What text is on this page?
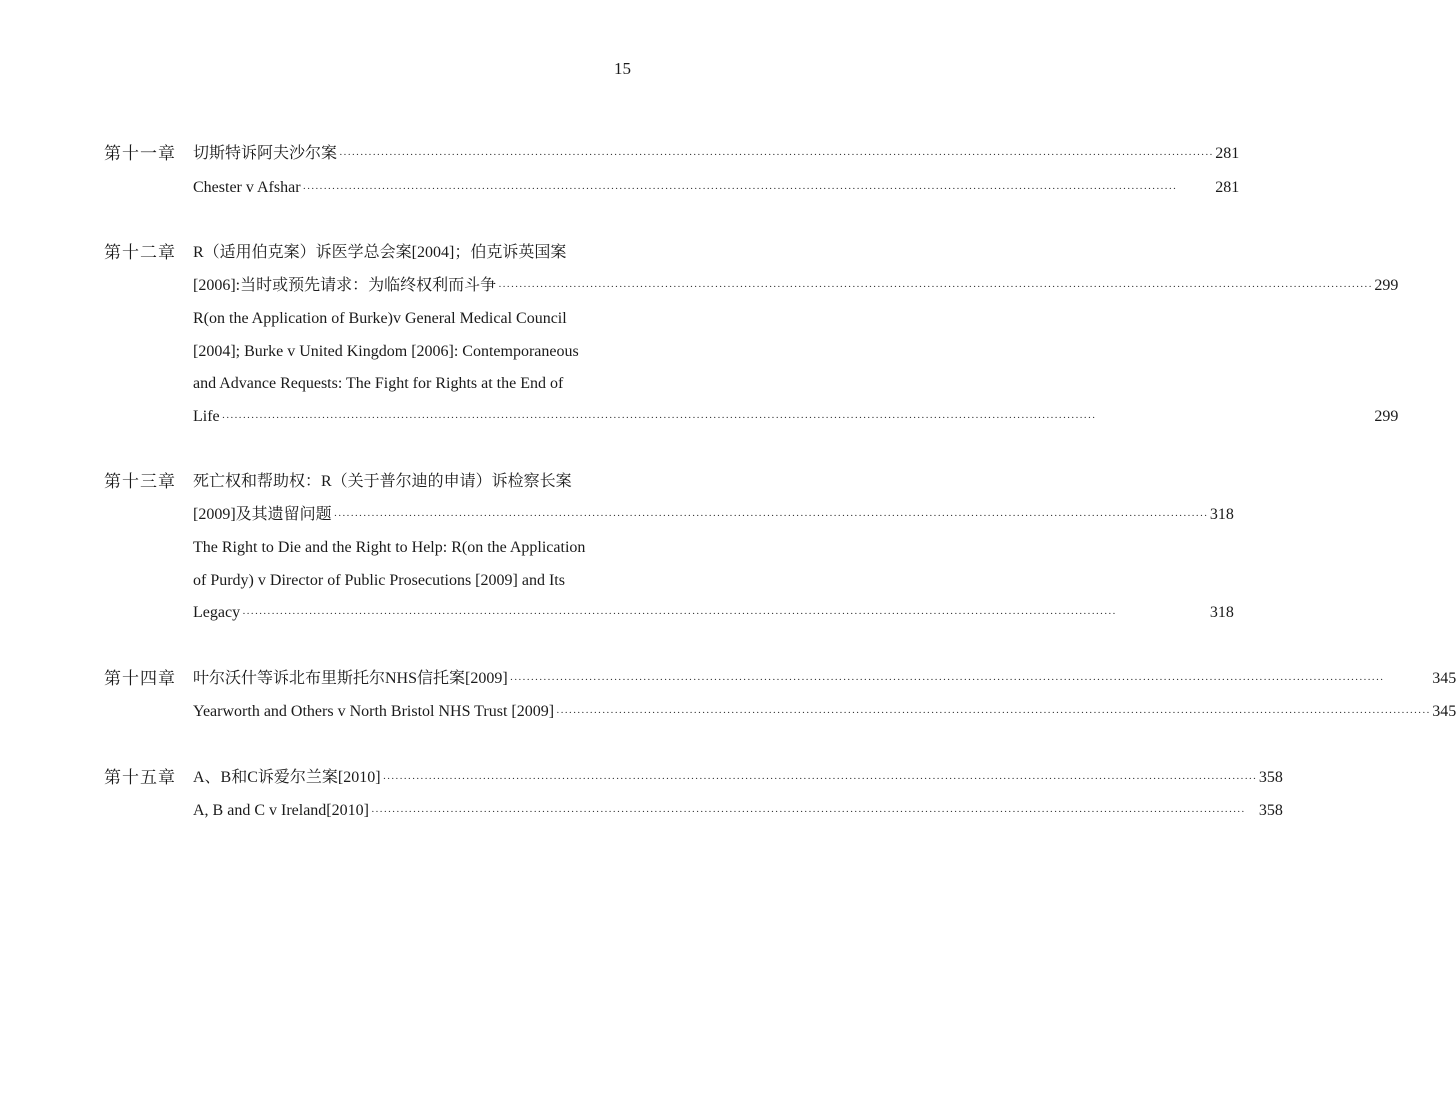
15
第十一章	切斯特诉阿夫沙尔案 ·····	281
Chester v Afshar ·····	281
第十二章	R（适用伯克案）诉医学总会案[2004]；伯克诉英国案
[2006]:当时或预先请求：为临终权利而斗争 ·····	299
R(on the Application of Burke)v General Medical Council
[2004]; Burke v United Kingdom [2006]: Contemporaneous
and Advance Requests: The Fight for Rights at the End of
Life ·····	299
第十三章	死亡权和帮助权：R（关于普尔迪的申请）诉检察长案
[2009]及其遗留问题 ·····	318
The Right to Die and the Right to Help: R(on the Application
of Purdy) v Director of Public Prosecutions [2009] and Its
Legacy ·····	318
第十四章	叶尔沃什等诉北布里斯托尔NHS信托案[2009] ·····	345
Yearworth and Others v North Bristol NHS Trust [2009] ·····	345
第十五章	A、B和C诉爱尔兰案[2010] ·····	358
A, B and C v Ireland[2010] ·····	358
